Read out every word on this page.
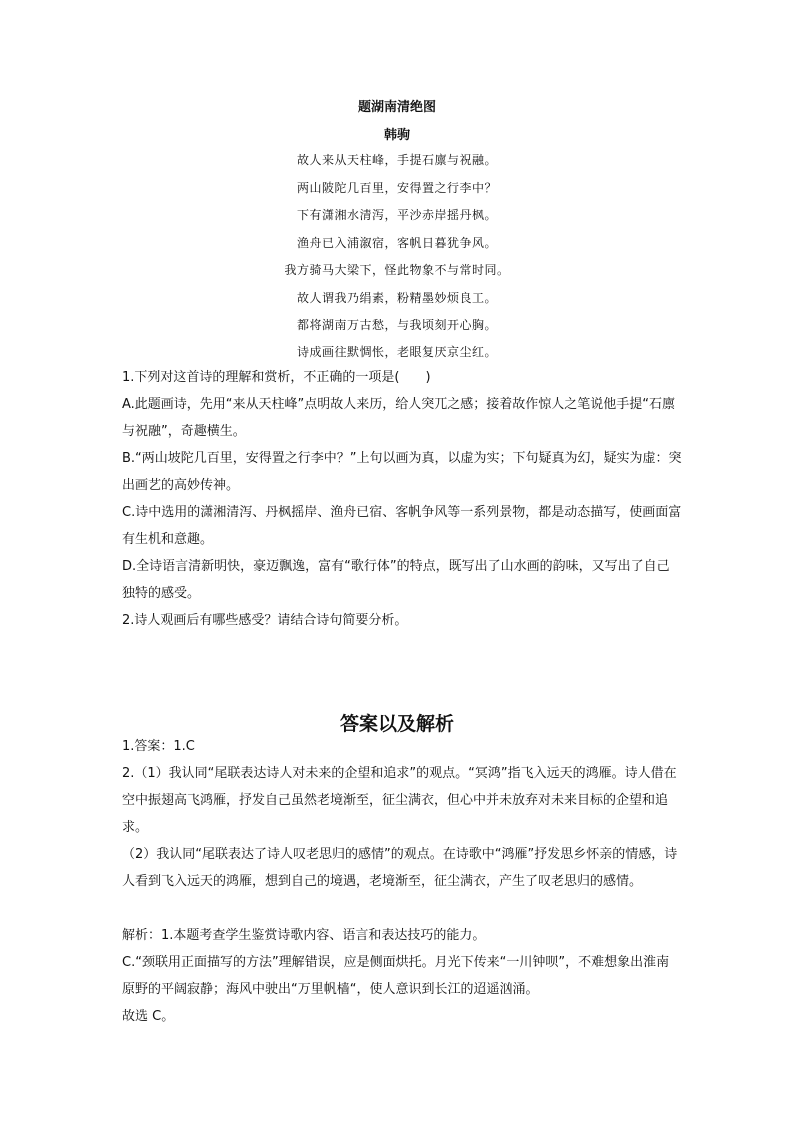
题湖南清绝图
韩驹
故人来从天柱峰，手提石廪与祝融。
两山陂陀几百里，安得置之行李中？
下有潇湘水清泻，平沙赤岸摇丹枫。
渔舟已入浦溆宿，客帆日暮犹争风。
我方骑马大梁下，怪此物象不与常时同。
故人谓我乃绢素，粉精墨妙烦良工。
都将湖南万古愁，与我顷刻开心胸。
诗成画往默惆怅，老眼复厌京尘红。
1.下列对这首诗的理解和赏析，不正确的一项是(　　)
A.此题画诗，先用“来从天柱峰”点明故人来历，给人突兀之感；接着故作惊人之笔说他手提“石廪与祝融”，奇趣横生。
B.“两山坡陀几百里，安得置之行李中？”上句以画为真，以虚为实；下句疑真为幻，疑实为虚：突出画艺的高妙传神。
C.诗中选用的潇湘清泻、丹枫摇岸、渔舟已宿、客帆争风等一系列景物，都是动态描写，使画面富有生机和意趣。
D.全诗语言清新明快，豪迈飘逸，富有“歌行体”的特点，既写出了山水画的韵味，又写出了自己独特的感受。
2.诗人观画后有哪些感受？请结合诗句简要分析。
答案以及解析
1.答案：1.C
2.（1）我认同“尾联表达诗人对未来的企望和追求”的观点。“冥鸿”指飞入远天的鸿雁。诗人借在空中振翅高飞鸿雁，抒发自己虽然老境渐至，征尘满衣，但心中并未放弃对未来目标的企望和追求。
（2）我认同“尾联表达了诗人叹老思归的感情”的观点。在诗歌中“鸿雁”抒发思乡怀亲的情感，诗人看到飞入远天的鸿雁，想到自己的境遇，老境渐至，征尘满衣，产生了叹老思归的感情。
解析：1.本题考查学生鉴赏诗歌内容、语言和表达技巧的能力。
C.“颈联用正面描写的方法”理解错误，应是侧面烘托。月光下传来“一川钟呗”，不难想象出淮南原野的平阔寂静；海风中驶出“万里帆樯“，使人意识到长江的迢遥汹涌。
故选 C。
